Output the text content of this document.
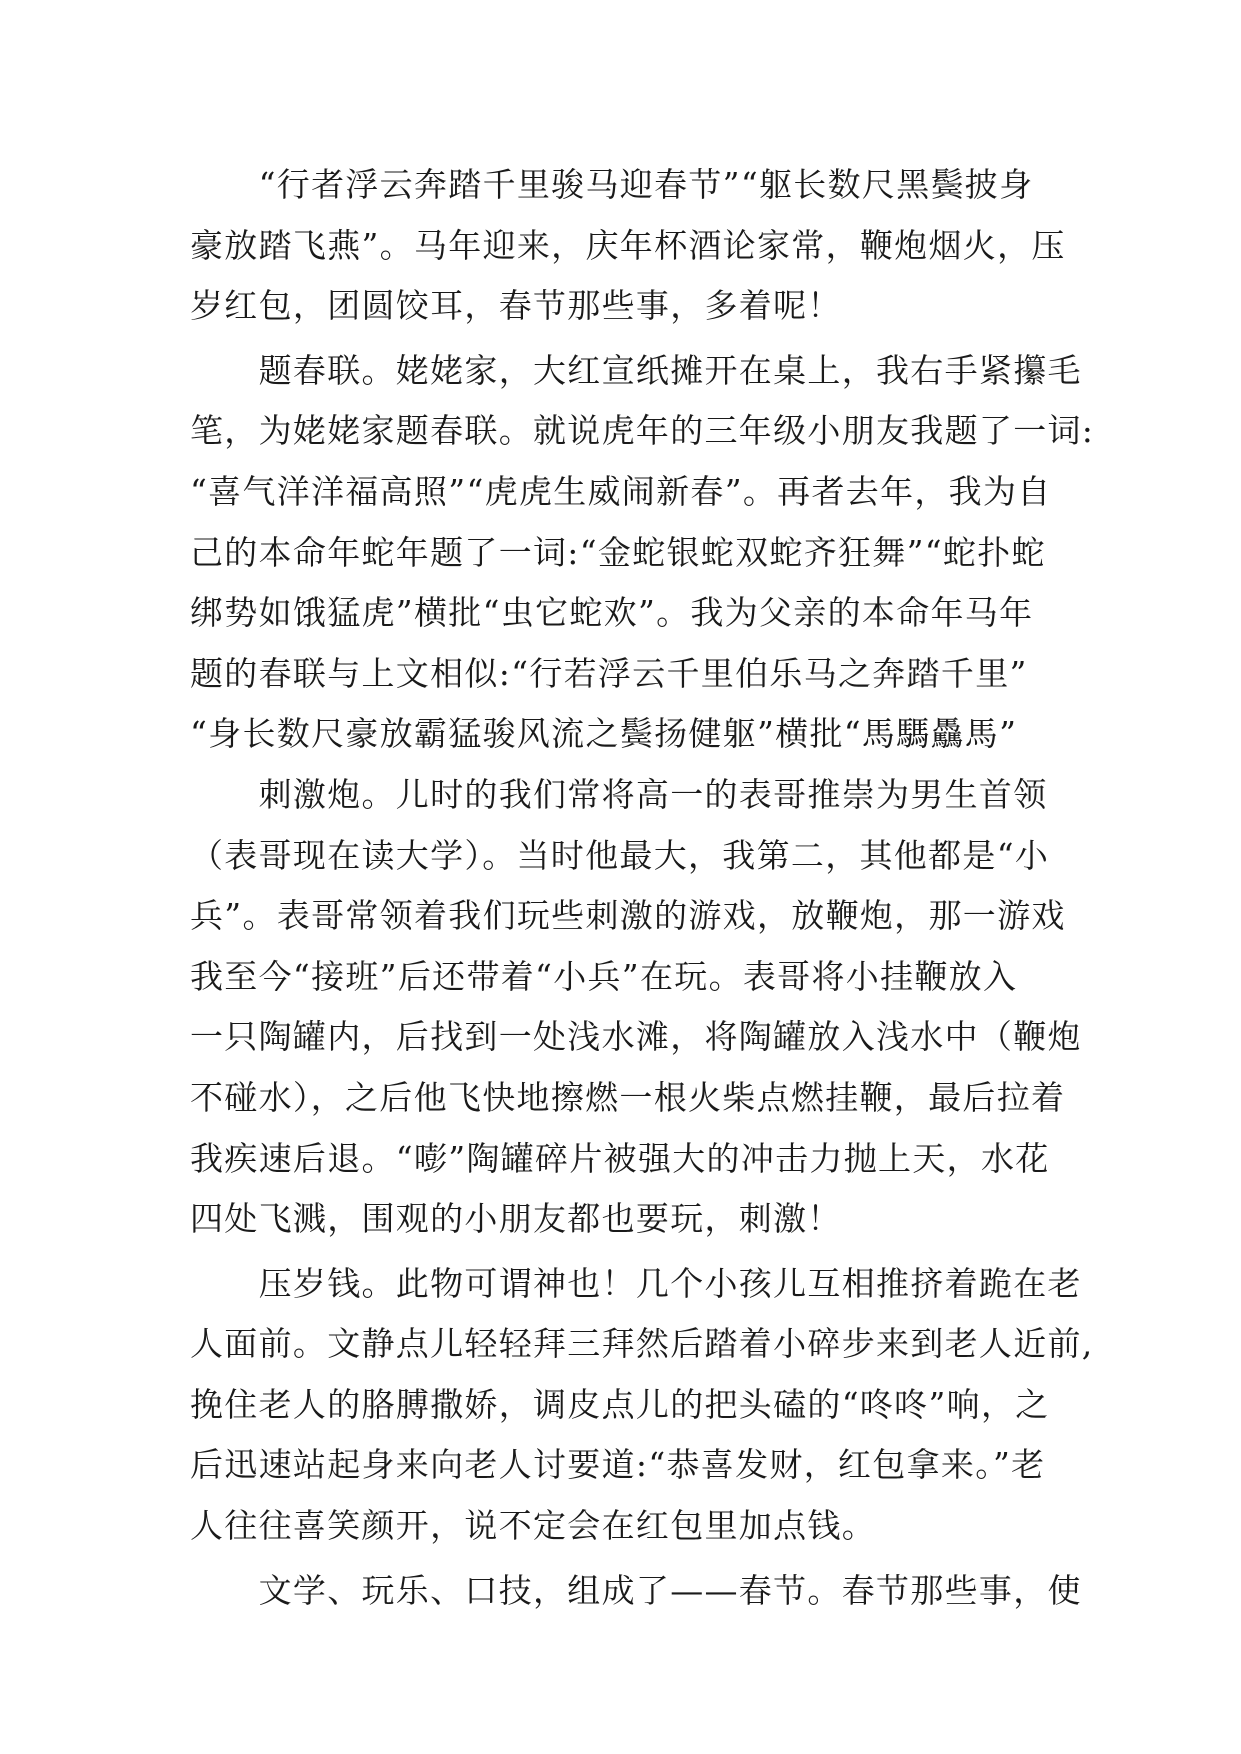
　　“行者浮云奔踏千里骏马迎春节”“躯长数尺黑鬓披身
豪放踏飞燕”。马年迎来，庆年杯酒论家常，鞭炮烟火，压
岁红包，团圆饺耳，春节那些事，多着呢！
　　题春联。姥姥家，大红宣纸摊开在桌上，我右手紧攥毛
笔，为姥姥家题春联。就说虎年的三年级小朋友我题了一词:
“喜气洋洋福高照”“虎虎生威闹新春”。再者去年，我为自
己的本命年蛇年题了一词:“金蛇银蛇双蛇齐狂舞”“蛇扑蛇
绑势如饿猛虎”横批“虫它蛇欢”。我为父亲的本命年马年
题的春联与上文相似:“行若浮云千里伯乐马之奔踏千里”
“身长数尺豪放霸猛骏风流之鬓扬健躯”横批“馬騳驫馬”
　　刺激炮。儿时的我们常将高一的表哥推崇为男生首领
（表哥现在读大学）。当时他最大，我第二，其他都是“小
兵”。表哥常领着我们玩些刺激的游戏，放鞭炮，那一游戏
我至今“接班”后还带着“小兵”在玩。表哥将小挂鞭放入
一只陶罐内，后找到一处浅水滩，将陶罐放入浅水中（鞭炮
不碰水），之后他飞快地擦燃一根火柴点燃挂鞭，最后拉着
我疾速后退。“嘭”陶罐碎片被强大的冲击力抛上天，水花
四处飞溅，围观的小朋友都也要玩，刺激！
　　压岁钱。此物可谓神也！几个小孩儿互相推挤着跪在老
人面前。文静点儿轻轻拜三拜然后踏着小碎步来到老人近前,
挽住老人的胳膊撒娇，调皮点儿的把头磕的“咚咚”响，之
后迅速站起身来向老人讨要道:“恭喜发财，红包拿来。”老
人往往喜笑颜开，说不定会在红包里加点钱。
　　文学、玩乐、口技，组成了——春节。春节那些事，使
